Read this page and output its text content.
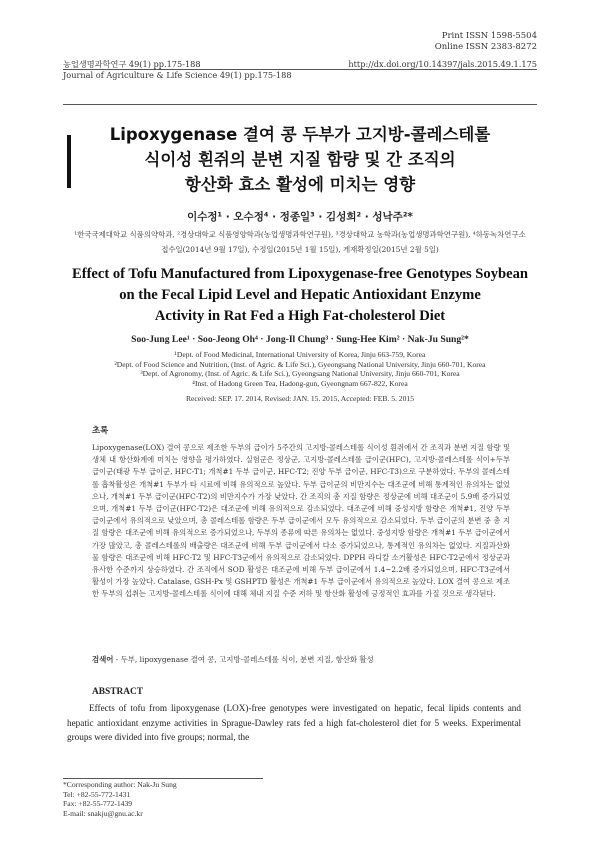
Print ISSN 1598-5504
Online ISSN 2383-8272
농업생명과학연구 49(1) pp.175-188
Journal of Agriculture & Life Science 49(1) pp.175-188
http://dx.doi.org/10.14397/jals.2015.49.1.175
Lipoxygenase 결여 콩 두부가 고지방-콜레스테롤
식이성 흰쥐의 분변 지질 함량 및 간 조직의
항산화 효소 활성에 미치는 영향
이수정¹ · 오수정⁴ · 정종일³ · 김성희² · 성낙주²*
¹한국국제대학교 식품의약학과, ²경상대학교 식품영양학과(농업생명과학연구원), ³경상대학교 농학과(농업생명과학연구원), ⁴하동녹차연구소
접수일(2014년 9월 17일), 수정일(2015년 1월 15일), 게재확정일(2015년 2월 5일)
Effect of Tofu Manufactured from Lipoxygenase-free Genotypes Soybean
on the Fecal Lipid Level and Hepatic Antioxidant Enzyme
Activity in Rat Fed a High Fat-cholesterol Diet
Soo-Jung Lee¹ · Soo-Jeong Oh⁴ · Jong-Il Chung³ · Sung-Hee Kim² · Nak-Ju Sung²*
¹Dept. of Food Medicinal, International University of Korea, Jinju 663-759, Korea
²Dept. of Food Science and Nutrition, (Inst. of Agric. & Life Sci.), Gyeongsang National University, Jinju 660-701, Korea
³Dept. of Agronomy, (Inst. of Agric. & Life Sci.), Gyeongsang National University, Jinju 660-701, Korea
⁴Inst. of Hadong Green Tea, Hadong-gun, Gyeongnam 667-822, Korea
Received: SEP. 17. 2014, Revised: JAN. 15. 2015, Accepted: FEB. 5. 2015
초록
Lipoxygenase(LOX) 결여 콩으로 제조한 두부의 급이가 5주간의 고지방-콜레스테롤 식이성 흰쥐에서 간 조직과 분변 지질 함량 및 생체 내 항산화계에 미치는 영향을 평가하였다. 실험군은 정상군, 고지방-콜레스테롤 급이군(HFC), 고지방-콜레스테롤 식이+두부 급이군(태광 두부 급이군, HFC-T1; 개척#1 두부 급이군, HFC-T2; 진양 두부 급이군, HFC-T3)으로 구분하였다. 두부의 콜레스테롤 흡착활성은 개척#1 두부가 타 시료에 비해 유의적으로 높았다. 두부 급이군의 비만지수는 대조군에 비해 통계적인 유의차는 없었으나, 개척#1 두부 급이군(HFC-T2)의 비만지수가 가장 낮았다. 간 조직의 총 지질 함량은 정상군에 비해 대조군이 5.9배 증가되었으며, 개척#1 두부 급이군(HFC-T2)은 대조군에 비해 유의적으로 감소되었다. 대조군에 비해 중성지방 함량은 개척#1, 진양 두부 급이군에서 유의적으로 낮았으며, 총 콜레스테롤 함량은 두부 급이군에서 모두 유의적으로 감소되었다. 두부 급이군의 분변 중 총 지질 함량은 대조군에 비해 유의적으로 증가되었으나, 두부의 종류에 따른 유의차는 없었다. 중성지방 함량은 개척#1 두부 급이군에서 가장 많았고, 총 콜레스테롤의 배출량은 대조군에 비해 두부 급이군에서 다소 증가되었으나, 통계적인 유의차는 없었다. 지질과산화물 함량은 대조군에 비해 HFC-T2 및 HFC-T3군에서 유의적으로 감소되었다. DPPH 라디칼 소거활성은 HFC-T2군에서 정상군과 유사한 수준까지 상승하였다. 간 조직에서 SOD 활성은 대조군에 비해 두부 급이군에서 1.4~2.2배 증가되었으며, HFC-T3군에서 활성이 가장 높았다. Catalase, GSH-Px 및 GSHPTD 활성은 개척#1 두부 급이군에서 유의적으로 높았다. LOX 결여 콩으로 제조한 두부의 섭취는 고지방-콜레스테롤 식이에 대해 체내 지질 수준 저하 및 항산화 활성에 긍정적인 효과를 가질 것으로 생각된다.
검색어 - 두부, lipoxygenase 결여 콩, 고지방-콜레스테롤 식이, 분변 지질, 항산화 활성
ABSTRACT
Effects of tofu from lipoxygenase (LOX)-free genotypes were investigated on hepatic, fecal lipids contents and hepatic antioxidant enzyme activities in Sprague-Dawley rats fed a high fat-cholesterol diet for 5 weeks. Experimental groups were divided into five groups; normal, the
*Corresponding author: Nak-Ju Sung
Tel: +82-55-772-1431
Fax: +82-55-772-1439
E-mail: snakju@gnu.ac.kr
